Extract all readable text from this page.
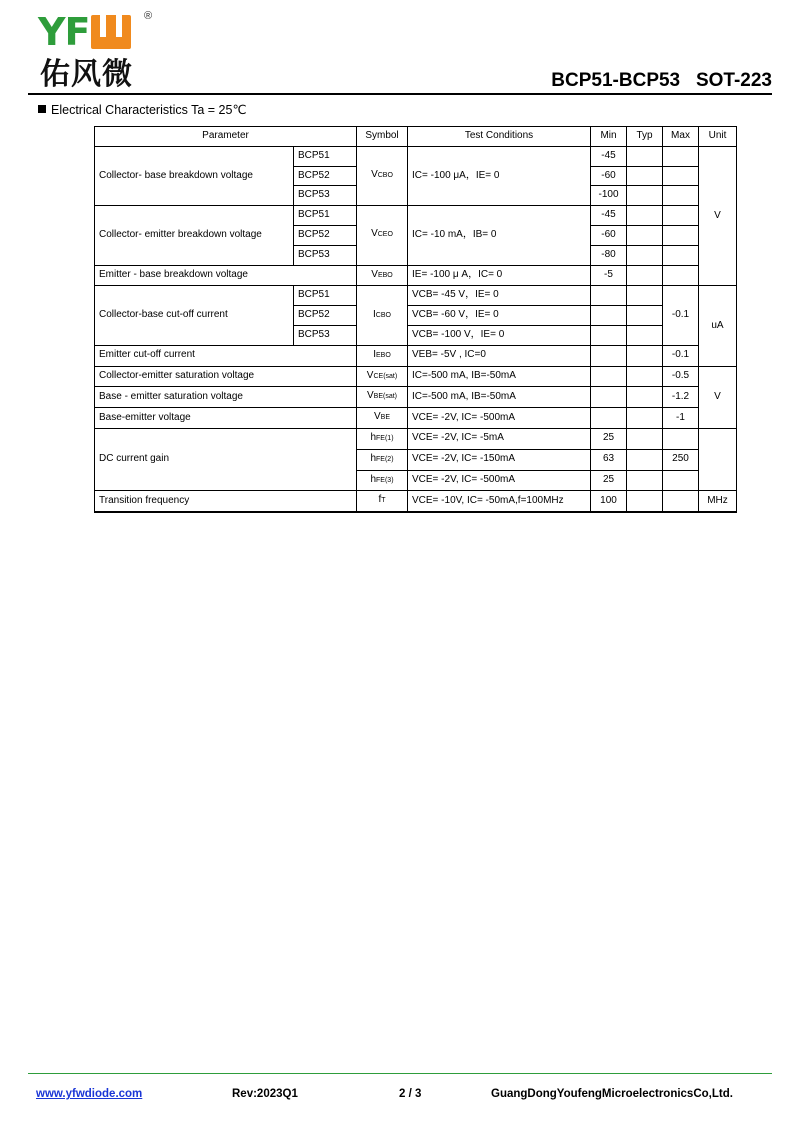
YF	®
佑风微	BCP51-BCP53   SOT-223
Electrical Characteristics Ta = 25℃
Parameter		Symbol	Test Conditions	Min	Typ	Max	Unit
Collector- base breakdown voltage	BCP51	VCBO	IC= -100 μA，IE= 0	-45			V
	BCP52			-60			
	BCP53			-100			
Collector- emitter breakdown voltage	BCP51	VCEO	IC= -10 mA，IB= 0	-45			
	BCP52			-60			
	BCP53			-80			
Emitter - base breakdown voltage		VEBO	IE= -100 μ A，IC= 0	-5			
Collector-base cut-off current	BCP51	ICBO	VCB= -45 V，IE= 0			-0.1	uA
	BCP52		VCB= -60 V，IE= 0				
	BCP53		VCB= -100 V，IE= 0				
Emitter cut-off current		IEBO	VEB= -5V , IC=0			-0.1	
Collector-emitter saturation voltage		VCE(sat)	IC=-500 mA, IB=-50mA			-0.5	V
Base - emitter saturation voltage		VBE(sat)	IC=-500 mA, IB=-50mA			-1.2	
Base-emitter voltage		VBE	VCE= -2V, IC= -500mA			-1	
DC current gain		hFE(1)	VCE= -2V, IC= -5mA	25			
		hFE(2)	VCE= -2V, IC= -150mA	63		250	
		hFE(3)	VCE= -2V, IC= -500mA	25			
Transition frequency		fT	VCE= -10V, IC= -50mA,f=100MHz	100			MHz
www.yfwdiode.com	Rev:2023Q1	2 / 3	GuangDongYoufengMicroelectronicsCo,Ltd.
